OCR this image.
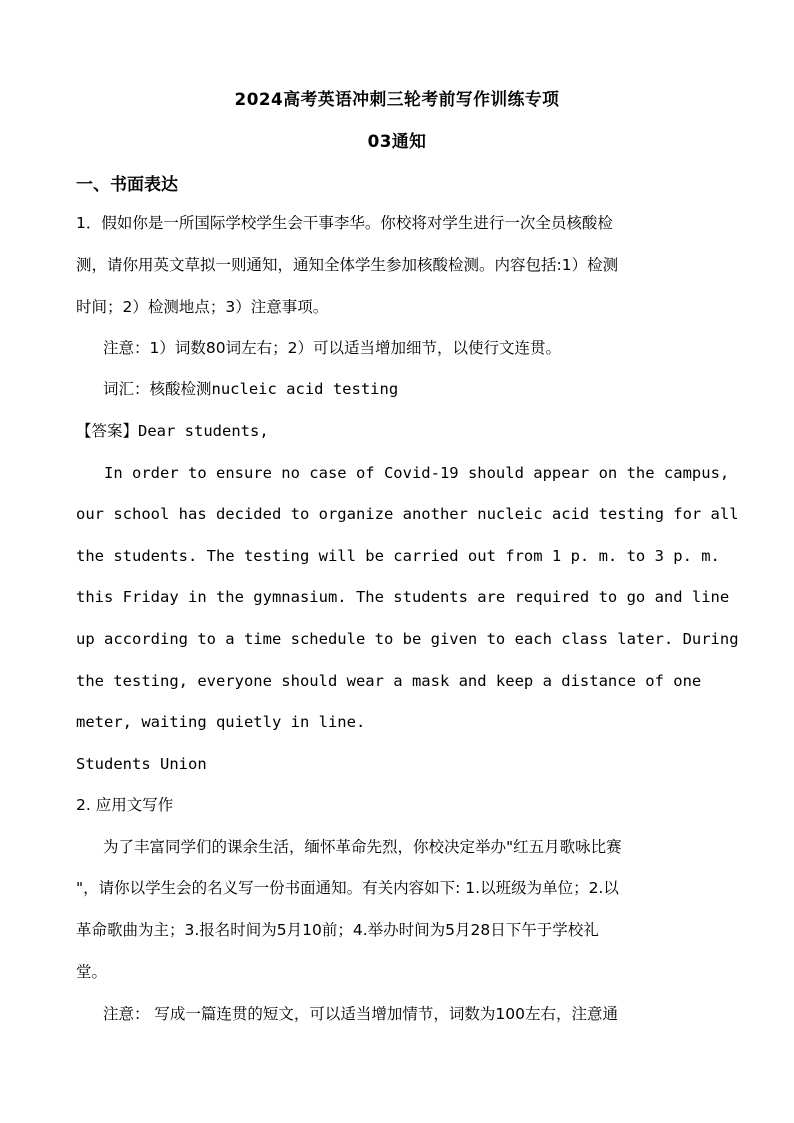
2024高考英语冲刺三轮考前写作训练专项
03通知
一、书面表达
1．假如你是一所国际学校学生会干事李华。你校将对学生进行一次全员核酸检
测，请你用英文草拟一则通知，通知全体学生参加核酸检测。内容包括:1）检测
时间；2）检测地点；3）注意事项。
注意：1）词数80词左右；2）可以适当增加细节，以使行文连贯。
词汇：核酸检测nucleic acid testing
【答案】Dear students,
In order to ensure no case of Covid-19 should appear on the campus,
our school has decided to organize another nucleic acid testing for all
the students. The testing will be carried out from 1 p. m. to 3 p. m.
this Friday in the gymnasium. The students are required to go and line
up according to a time schedule to be given to each class later. During
the testing, everyone should wear a mask and keep a distance of one
meter, waiting quietly in line.
Students Union
2. 应用文写作
为了丰富同学们的课余生活，缅怀革命先烈，你校决定举办"红五月歌咏比赛
"，请你以学生会的名义写一份书面通知。有关内容如下: 1.以班级为单位；2.以
革命歌曲为主；3.报名时间为5月10前；4.举办时间为5月28日下午于学校礼
堂。
注意： 写成一篇连贯的短文，可以适当增加情节，词数为100左右，注意通
